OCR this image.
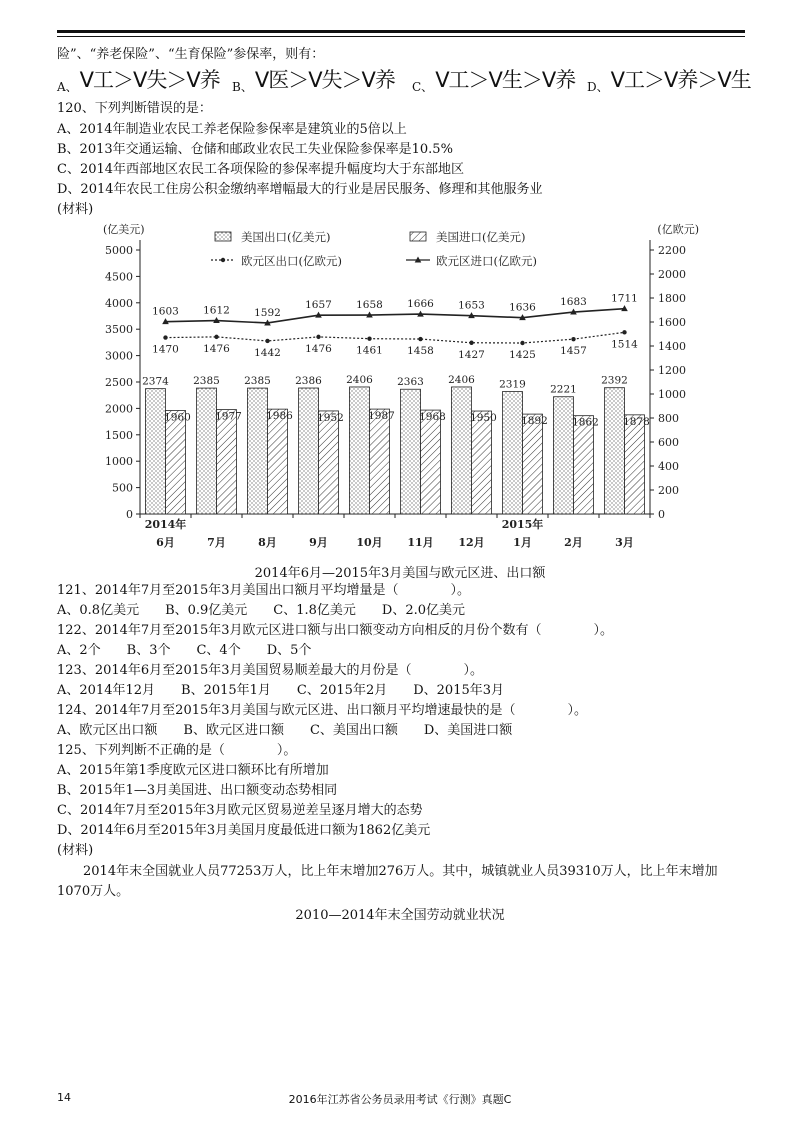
险”、“养老保险”、“生育保险”参保率，则有：
A、V工＞V失＞V养 B、V医＞V失＞V养 C、V工＞V生＞V养 D、V工＞V养＞V生
120、下列判断错误的是：
A、2014年制造业农民工养老保险参保率是建筑业的5倍以上
B、2013年交通运输、仓储和邮政业农民工失业保险参保率是10.5%
C、2014年西部地区农民工各项保险的参保率提升幅度均大于东部地区
D、2014年农民工住房公积金缴纳率增幅最大的行业是居民服务、修理和其他服务业
(材料)
(亿美元)	(亿欧元)
0
500
1000
1500
2000
2500
3000
3500
4000
4500
5000
0
200
400
600
800
1000
1200
1400
1600
1800
2000
2200
6月	7月	8月	9月	10月 11月 12月	1月	2月	3月
2014年	2015年
2374 2385 2385 2386 2406 2363 2406 2319 2221
2392
1960 1977 1986 1952 1987 1968 1950 1892 1862 1878
1470 1476 1442 1476 1461 1458 1427 1425 1457
1514
1603 1612 1592
1657 1658 1666 1653 1636 1683 1711
美国出口(亿美元)	美国进口(亿美元)
欧元区出口(亿欧元)	欧元区进口(亿欧元)
2014年6月—2015年3月美国与欧元区进、出口额
121、2014年7月至2015年3月美国出口额月平均增量是（　　　　）。
A、0.8亿美元　　B、0.9亿美元　　C、1.8亿美元　　D、2.0亿美元
122、2014年7月至2015年3月欧元区进口额与出口额变动方向相反的月份个数有（　　　　）。
A、2个　　B、3个　　C、4个　　D、5个
123、2014年6月至2015年3月美国贸易顺差最大的月份是（　　　　）。
A、2014年12月　　B、2015年1月　　C、2015年2月　　D、2015年3月
124、2014年7月至2015年3月美国与欧元区进、出口额月平均增速最快的是（　　　　）。
A、欧元区出口额　　B、欧元区进口额　　C、美国出口额　　D、美国进口额
125、下列判断不正确的是（　　　　）。
A、2015年第1季度欧元区进口额环比有所增加
B、2015年1—3月美国进、出口额变动态势相同
C、2014年7月至2015年3月欧元区贸易逆差呈逐月增大的态势
D、2014年6月至2015年3月美国月度最低进口额为1862亿美元
(材料)
2014年末全国就业人员77253万人，比上年末增加276万人。其中，城镇就业人员39310万人，比上年末增加1070万人。
2010—2014年末全国劳动就业状况
14	2016年江苏省公务员录用考试《行测》真题C
